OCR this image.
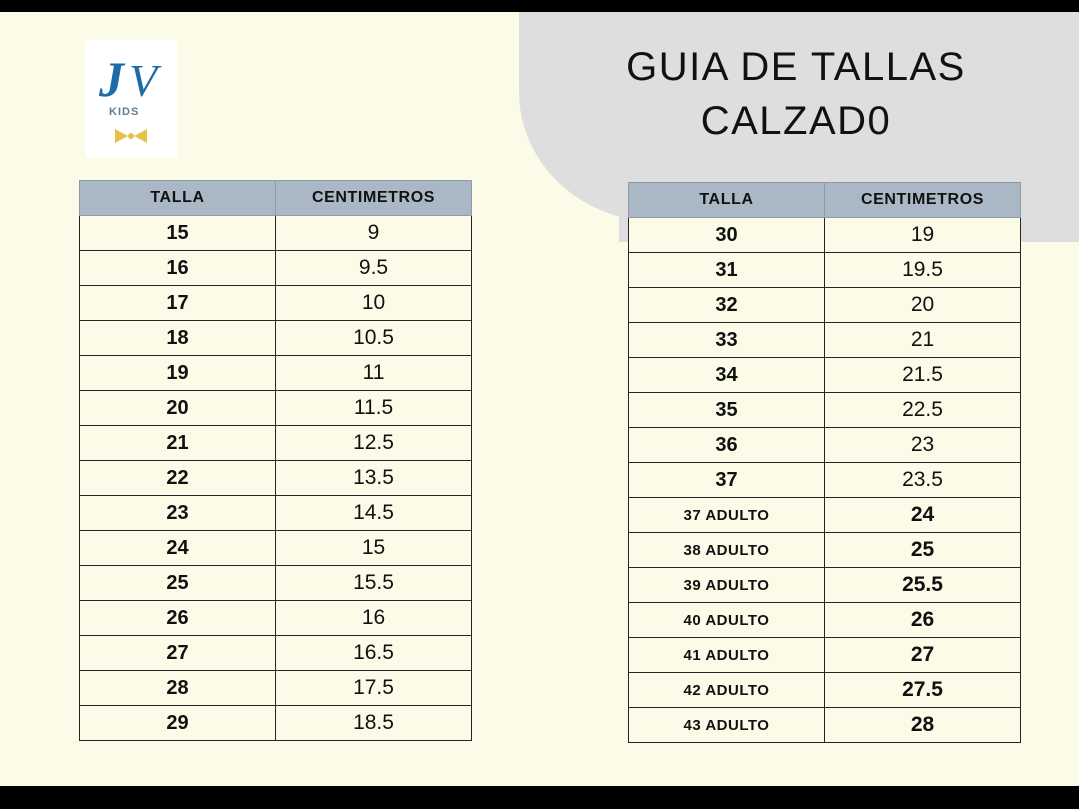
J V
KIDS
GUIA DE TALLAS
CALZAD0
TALLA	CENTIMETROS
15	9
16	9.5
17	10
18	10.5
19	11
20	11.5
21	12.5
22	13.5
23	14.5
24	15
25	15.5
26	16
27	16.5
28	17.5
29	18.5
TALLA	CENTIMETROS
30	19
31	19.5
32	20
33	21
34	21.5
35	22.5
36	23
37	23.5
37 ADULTO	24
38 ADULTO	25
39 ADULTO	25.5
40 ADULTO	26
41 ADULTO	27
42 ADULTO	27.5
43 ADULTO	28
